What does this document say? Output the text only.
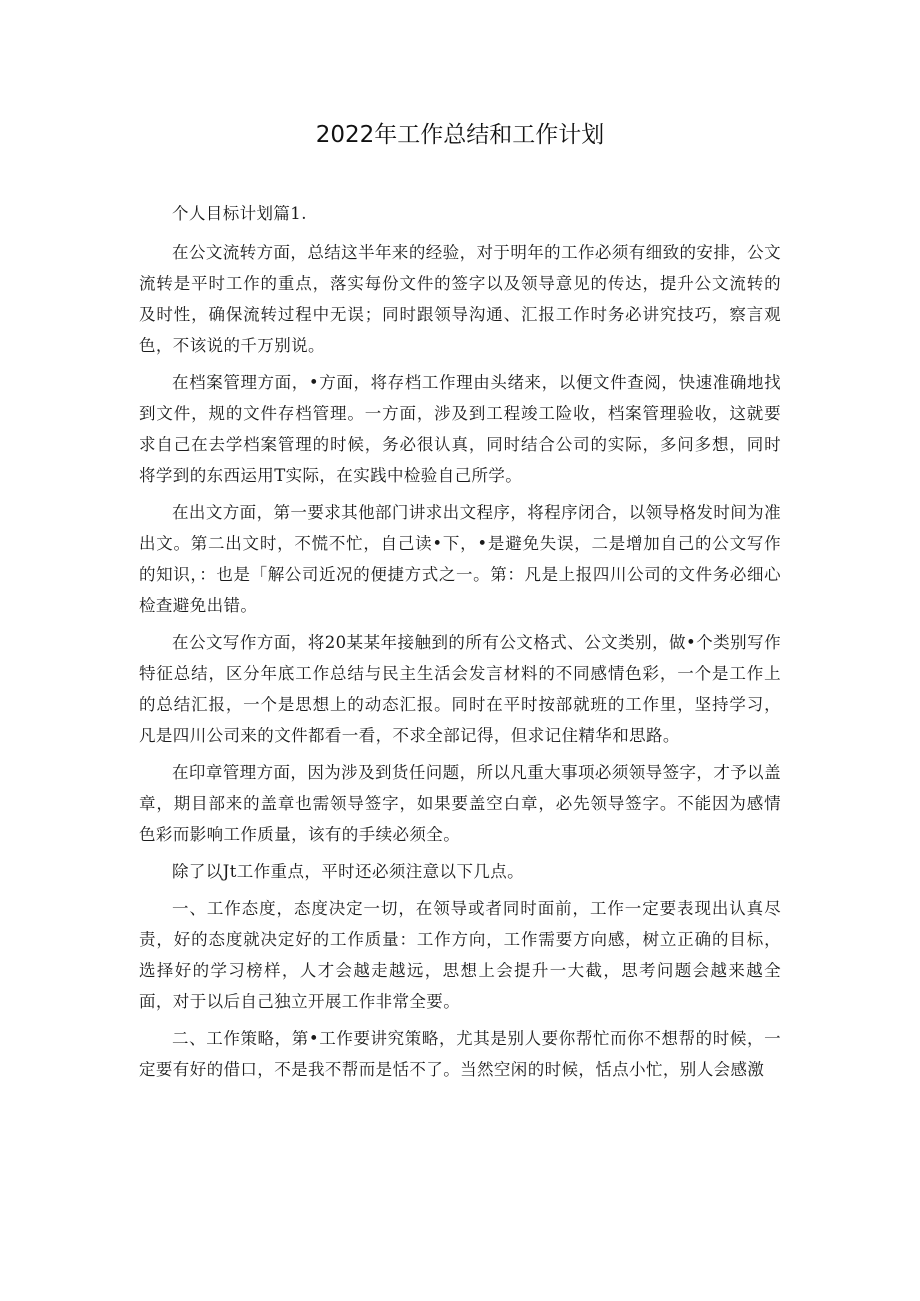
2022年工作总结和工作计划

个人目标计划篇1.

在公文流转方面，总结这半年来的经验，对于明年的工作必须有细致的安排，公文流转是平时工作的重点，落实每份文件的签字以及领导意见的传达，提升公文流转的及时性，确保流转过程中无误；同时跟领导沟通、汇报工作时务必讲究技巧，察言观色，不该说的千万别说。

在档案管理方面，•方面，将存档工作理由头绪来，以便文件查阅，快速准确地找到文件，规的文件存档管理。一方面，涉及到工程竣工险收，档案管理验收，这就要求自己在去学档案管理的时候，务必很认真，同时结合公司的实际，多问多想，同时将学到的东西运用T实际，在实践中检验自己所学。

在出文方面，第一要求其他部门讲求出文程序，将程序闭合，以领导格发时间为准出文。第二出文时，不慌不忙，自己读•下，•是避免失误，二是增加自己的公文写作的知识，：也是「解公司近况的便捷方式之一。第：凡是上报四川公司的文件务必细心检查避免出错。

在公文写作方面，将20某某年接触到的所有公文格式、公文类别，做•个类别写作特征总结，区分年底工作总结与民主生活会发言材料的不同感情色彩，一个是工作上的总结汇报，一个是思想上的动态汇报。同时在平时按部就班的工作里，坚持学习，凡是四川公司来的文件都看一看，不求全部记得，但求记住精华和思路。

在印章管理方面，因为涉及到货任问题，所以凡重大事项必须领导签字，才予以盖章，期目部来的盖章也需领导签字，如果要盖空白章，必先领导签字。不能因为感情色彩而影响工作质量，该有的手续必须全。

除了以Jt工作重点，平时还必须注意以下几点。

一、工作态度，态度决定一切，在领导或者同时面前，工作一定要表现出认真尽责，好的态度就决定好的工作质量：工作方向，工作需要方向感，树立正确的目标，选择好的学习榜样，人才会越走越远，思想上会提升一大截，思考问题会越来越全面，对于以后自己独立开展工作非常全要。

二、工作策略，第•工作要讲究策略，尤其是别人要你帮忙而你不想帮的时候，一定要有好的借口，不是我不帮而是恬不了。当然空闲的时候，恬点小忙，别人会感激
